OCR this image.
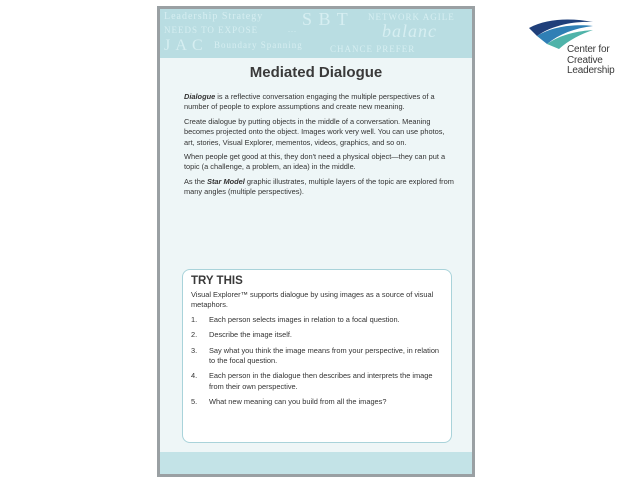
Leadership Strategy S B T NETWORK AGILE
NEEDS TO EXPOSE	...	balanc
J A C Boundary Spanning	CHANCE PREFER
Mediated Dialogue

Dialogue is a reflective conversation engaging the multiple perspectives of a number of people to explore assumptions and create new meaning.

Create dialogue by putting objects in the middle of a conversation. Meaning becomes projected onto the object. Images work very well. You can use photos, art, stories, Visual Explorer, mementos, videos, graphics, and so on.

When people get good at this, they don't need a physical object—they can put a topic (a challenge, a problem, an idea) in the middle.

As the Star Model graphic illustrates, multiple layers of the topic are explored from many angles (multiple perspectives).

TRY THIS
Visual Explorer™ supports dialogue by using images as a source of visual metaphors.
1.	Each person selects images in relation to a focal question.
2.	Describe the image itself.
3.	Say what you think the image means from your perspective, in relation to the focal question.
4.	Each person in the dialogue then describes and interprets the image from their own perspective.
5.	What new meaning can you build from all the images?
Center for
Creative
Leadership
